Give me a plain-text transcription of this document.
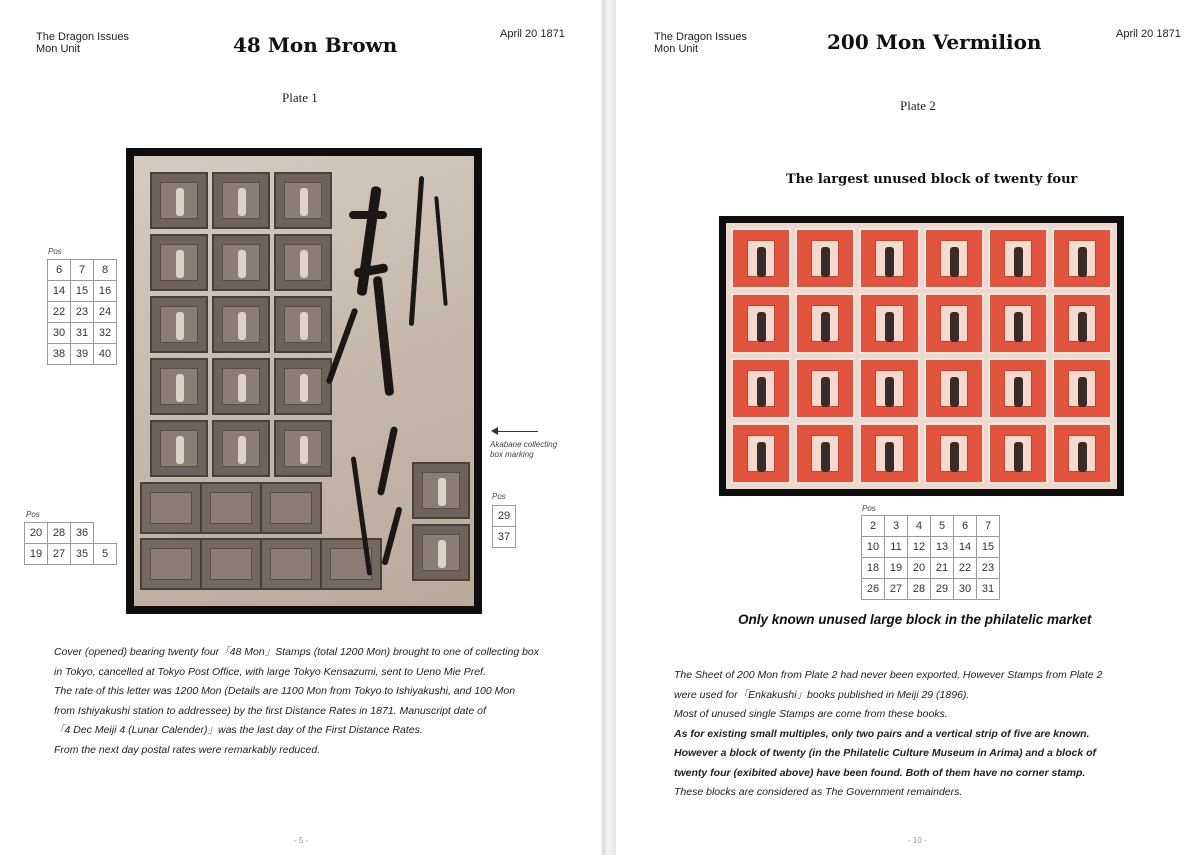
The Dragon Issues
Mon Unit	48 Mon Brown	April 20 1871
Plate 1
Pos
6	7	8
14	15	16
22	23	24
30	31	32
38	39	40
Pos
20	28	36	
19	27	35	5
Pos
29
37
Akabane collecting box marking

Cover (opened) bearing twenty four「48 Mon」Stamps (total 1200 Mon) brought to one of collecting box

in Tokyo, cancelled at Tokyo Post Office, with large Tokyo Kensazumi, sent to Ueno Mie Pref.

The rate of this letter was 1200 Mon (Details are 1100 Mon from Tokyo to Ishiyakushi, and 100 Mon

from Ishiyakushi station to addressee) by the first Distance Rates in 1871. Manuscript date of

「4 Dec Meiji 4 (Lunar Calender)」was the last day of the First Distance Rates.

From the next day postal rates were remarkably reduced.

- 5 -
The Dragon Issues
Mon Unit	200 Mon Vermilion	April 20 1871
Plate 2
The largest unused block of twenty four
Pos
2	3	4	5	6	7
10	11	12	13	14	15
18	19	20	21	22	23
26	27	28	29	30	31
Only known unused large block in the philatelic market

The Sheet of 200 Mon from Plate 2 had never been exported, However Stamps from Plate 2

were used for「Enkakushi」books published in Meiji 29 (1896).

Most of unused single Stamps are come from these books.

As for existing small multiples, only two pairs and a vertical strip of five are known.

However a block of twenty (in the Philatelic Culture Museum in Arima) and a block of

twenty four (exibited above) have been found. Both of them have no corner stamp.

These blocks are considered as The Government remainders.

- 10 -
